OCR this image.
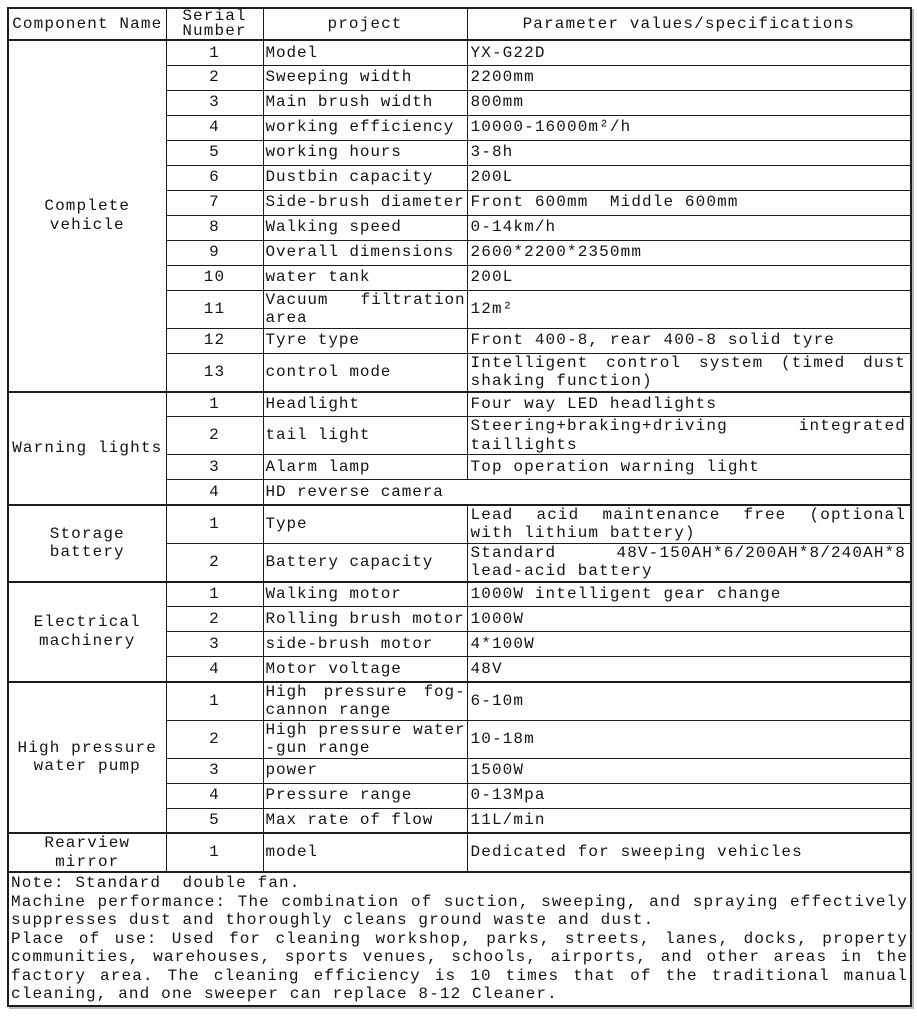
Component Name	Serial Number	project	Parameter values/specifications
Complete vehicle	1	Model	YX-G22D
	2	Sweeping width	2200mm
	3	Main brush width	800mm
	4	working efficiency	10000-16000m²/h
	5	working hours	3-8h
	6	Dustbin capacity	200L
	7	Side-brush diameter	Front 600mm  Middle 600mm
	8	Walking speed	0-14km/h
	9	Overall dimensions	2600*2200*2350mm
	10	water tank	200L
	11	Vacuum filtration area	12m²
	12	Tyre type	Front 400-8, rear 400-8 solid tyre
	13	control mode	Intelligent control system (timed dust shaking function)
Warning lights	1	Headlight	Four way LED headlights
	2	tail light	Steering+braking+driving integrated taillights
	3	Alarm lamp	Top operation warning light
	4	HD reverse camera	
Storage battery	1	Type	Lead acid maintenance free (optional with lithium battery)
	2	Battery capacity	Standard 48V-150AH*6/200AH*8/240AH*8 lead-acid battery
Electrical machinery	1	Walking motor	1000W intelligent gear change
	2	Rolling brush motor	1000W
	3	side-brush motor	4*100W
	4	Motor voltage	48V
High pressure water pump	1	High pressure fog-cannon range	6-10m
	2	High pressure water -gun range	10-18m
	3	power	1500W
	4	Pressure range	0-13Mpa
	5	Max rate of flow	11L/min
Rearview mirror	1	model	Dedicated for sweeping vehicles

Note: Standard  double fan.
Machine performance: The combination of suction, sweeping, and spraying effectively suppresses dust and thoroughly cleans ground waste and dust.
Place of use: Used for cleaning workshop, parks, streets, lanes, docks, property communities, warehouses, sports venues, schools, airports, and other areas in the factory area. The cleaning efficiency is 10 times that of the traditional manual cleaning, and one sweeper can replace 8-12 Cleaner.			
